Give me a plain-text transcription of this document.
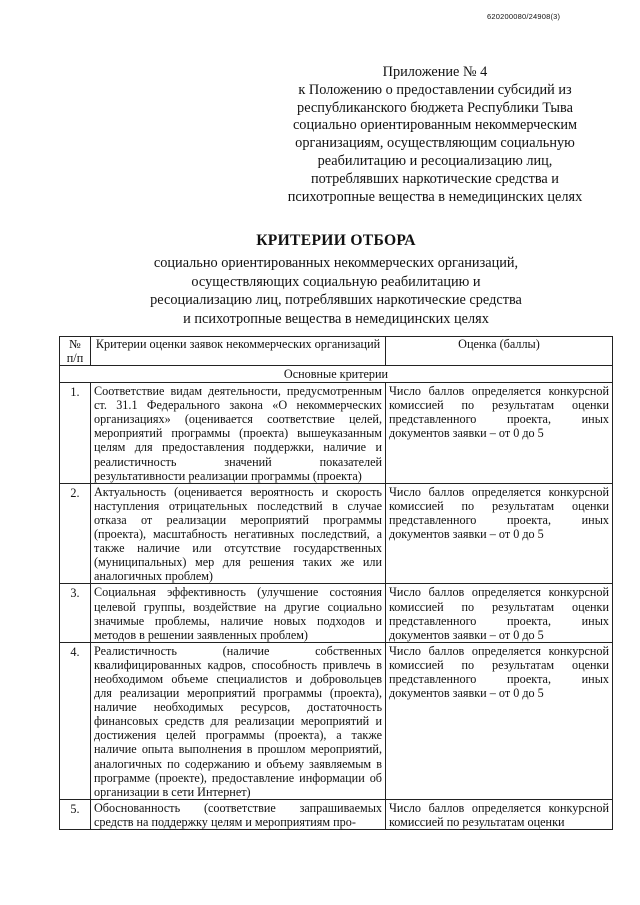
620200080/24908(3)
Приложение № 4
к Положению о предоставлении субсидий из
республиканского бюджета Республики Тыва
социально ориентированным некоммерческим
организациям, осуществляющим социальную
реабилитацию и ресоциализацию лиц,
потреблявших наркотические средства и
психотропные вещества в немедицинских целях
КРИТЕРИИ ОТБОРА
социально ориентированных некоммерческих организаций,
осуществляющих социальную реабилитацию и
ресоциализацию лиц, потреблявших наркотические средства
и психотропные вещества в немедицинских целях
№ п/п	Критерии оценки заявок некоммерческих организаций	Оценка (баллы)
Основные критерии		
1.	Соответствие видам деятельности, предусмотренным ст. 31.1 Федерального закона «О некоммерческих организациях» (оценивается соответствие целей, мероприятий программы (проекта) вышеуказанным целям для предоставления поддержки, наличие и реалистичность значений показателей результативности реализации программы (проекта)	Число баллов определяется конкурсной комиссией по результатам оценки представленного проекта, иных документов заявки – от 0 до 5
2.	Актуальность (оценивается вероятность и скорость наступления отрицательных последствий в случае отказа от реализации мероприятий программы (проекта), масштабность негативных последствий, а также наличие или отсутствие государственных (муниципальных) мер для решения таких же или аналогичных проблем)	Число баллов определяется конкурсной комиссией по результатам оценки представленного проекта, иных документов заявки – от 0 до 5
3.	Социальная эффективность (улучшение состояния целевой группы, воздействие на другие социально значимые проблемы, наличие новых подходов и методов в решении заявленных проблем)	Число баллов определяется конкурсной комиссией по результатам оценки представленного проекта, иных документов заявки – от 0 до 5
4.	Реалистичность (наличие собственных квалифицированных кадров, способность привлечь в необходимом объеме специалистов и добровольцев для реализации мероприятий программы (проекта), наличие необходимых ресурсов, достаточность финансовых средств для реализации мероприятий и достижения целей программы (проекта), а также наличие опыта выполнения в прошлом мероприятий, аналогичных по содержанию и объему заявляемым в программе (проекте), предоставление информации об организации в сети Интернет)	Число баллов определяется конкурсной комиссией по результатам оценки представленного проекта, иных документов заявки – от 0 до 5
5.	Обоснованность (соответствие запрашиваемых средств на поддержку целям и мероприятиям про-	Число баллов определяется конкурсной комиссией по результатам оценки
